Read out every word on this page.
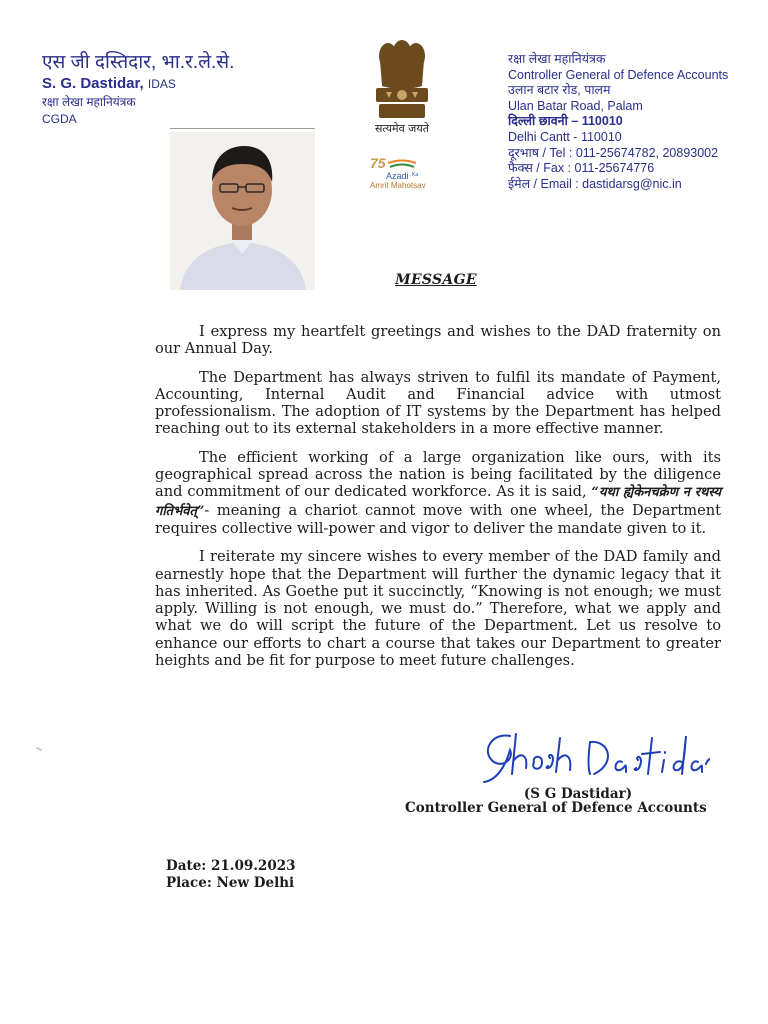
एस जी दस्तिदार, भा.र.ले.से.
S. G. Dastidar, IDAS
रक्षा लेखा महानियंत्रक
CGDA
सत्यमेव जयते
75
Azadi Ka
Amrit Mahotsav
रक्षा लेखा महानियंत्रक
Controller General of Defence Accounts
उलान बटार रोड, पालम
Ulan Batar Road, Palam
दिल्ली छावनी – 110010
Delhi Cantt - 110010
दूरभाष / Tel : 011-25674782, 20893002
फैक्स / Fax : 011-25674776
ईमेल / Email : dastidarsg@nic.in
MESSAGE

I express my heartfelt greetings and wishes to the DAD fraternity on our Annual Day.

The Department has always striven to fulfil its mandate of Payment, Accounting, Internal Audit and Financial advice with utmost professionalism. The adoption of IT systems by the Department has helped reaching out to its external stakeholders in a more effective manner.

The efficient working of a large organization like ours, with its geographical spread across the nation is being facilitated by the diligence and commitment of our dedicated workforce. As it is said, “यथा ह्येकेनचक्रेण न रथस्य गतिर्भवेत्”- meaning a chariot cannot move with one wheel, the Department requires collective will-power and vigor to deliver the mandate given to it.

I reiterate my sincere wishes to every member of the DAD family and earnestly hope that the Department will further the dynamic legacy that it has inherited. As Goethe put it succinctly, “Knowing is not enough; we must apply. Willing is not enough, we must do.” Therefore, what we apply and what we do will script the future of the Department. Let us resolve to enhance our efforts to chart a course that takes our Department to greater heights and be fit for purpose to meet future challenges.

(S G Dastidar)
Controller General of Defence Accounts
Date: 21.09.2023
Place: New Delhi
